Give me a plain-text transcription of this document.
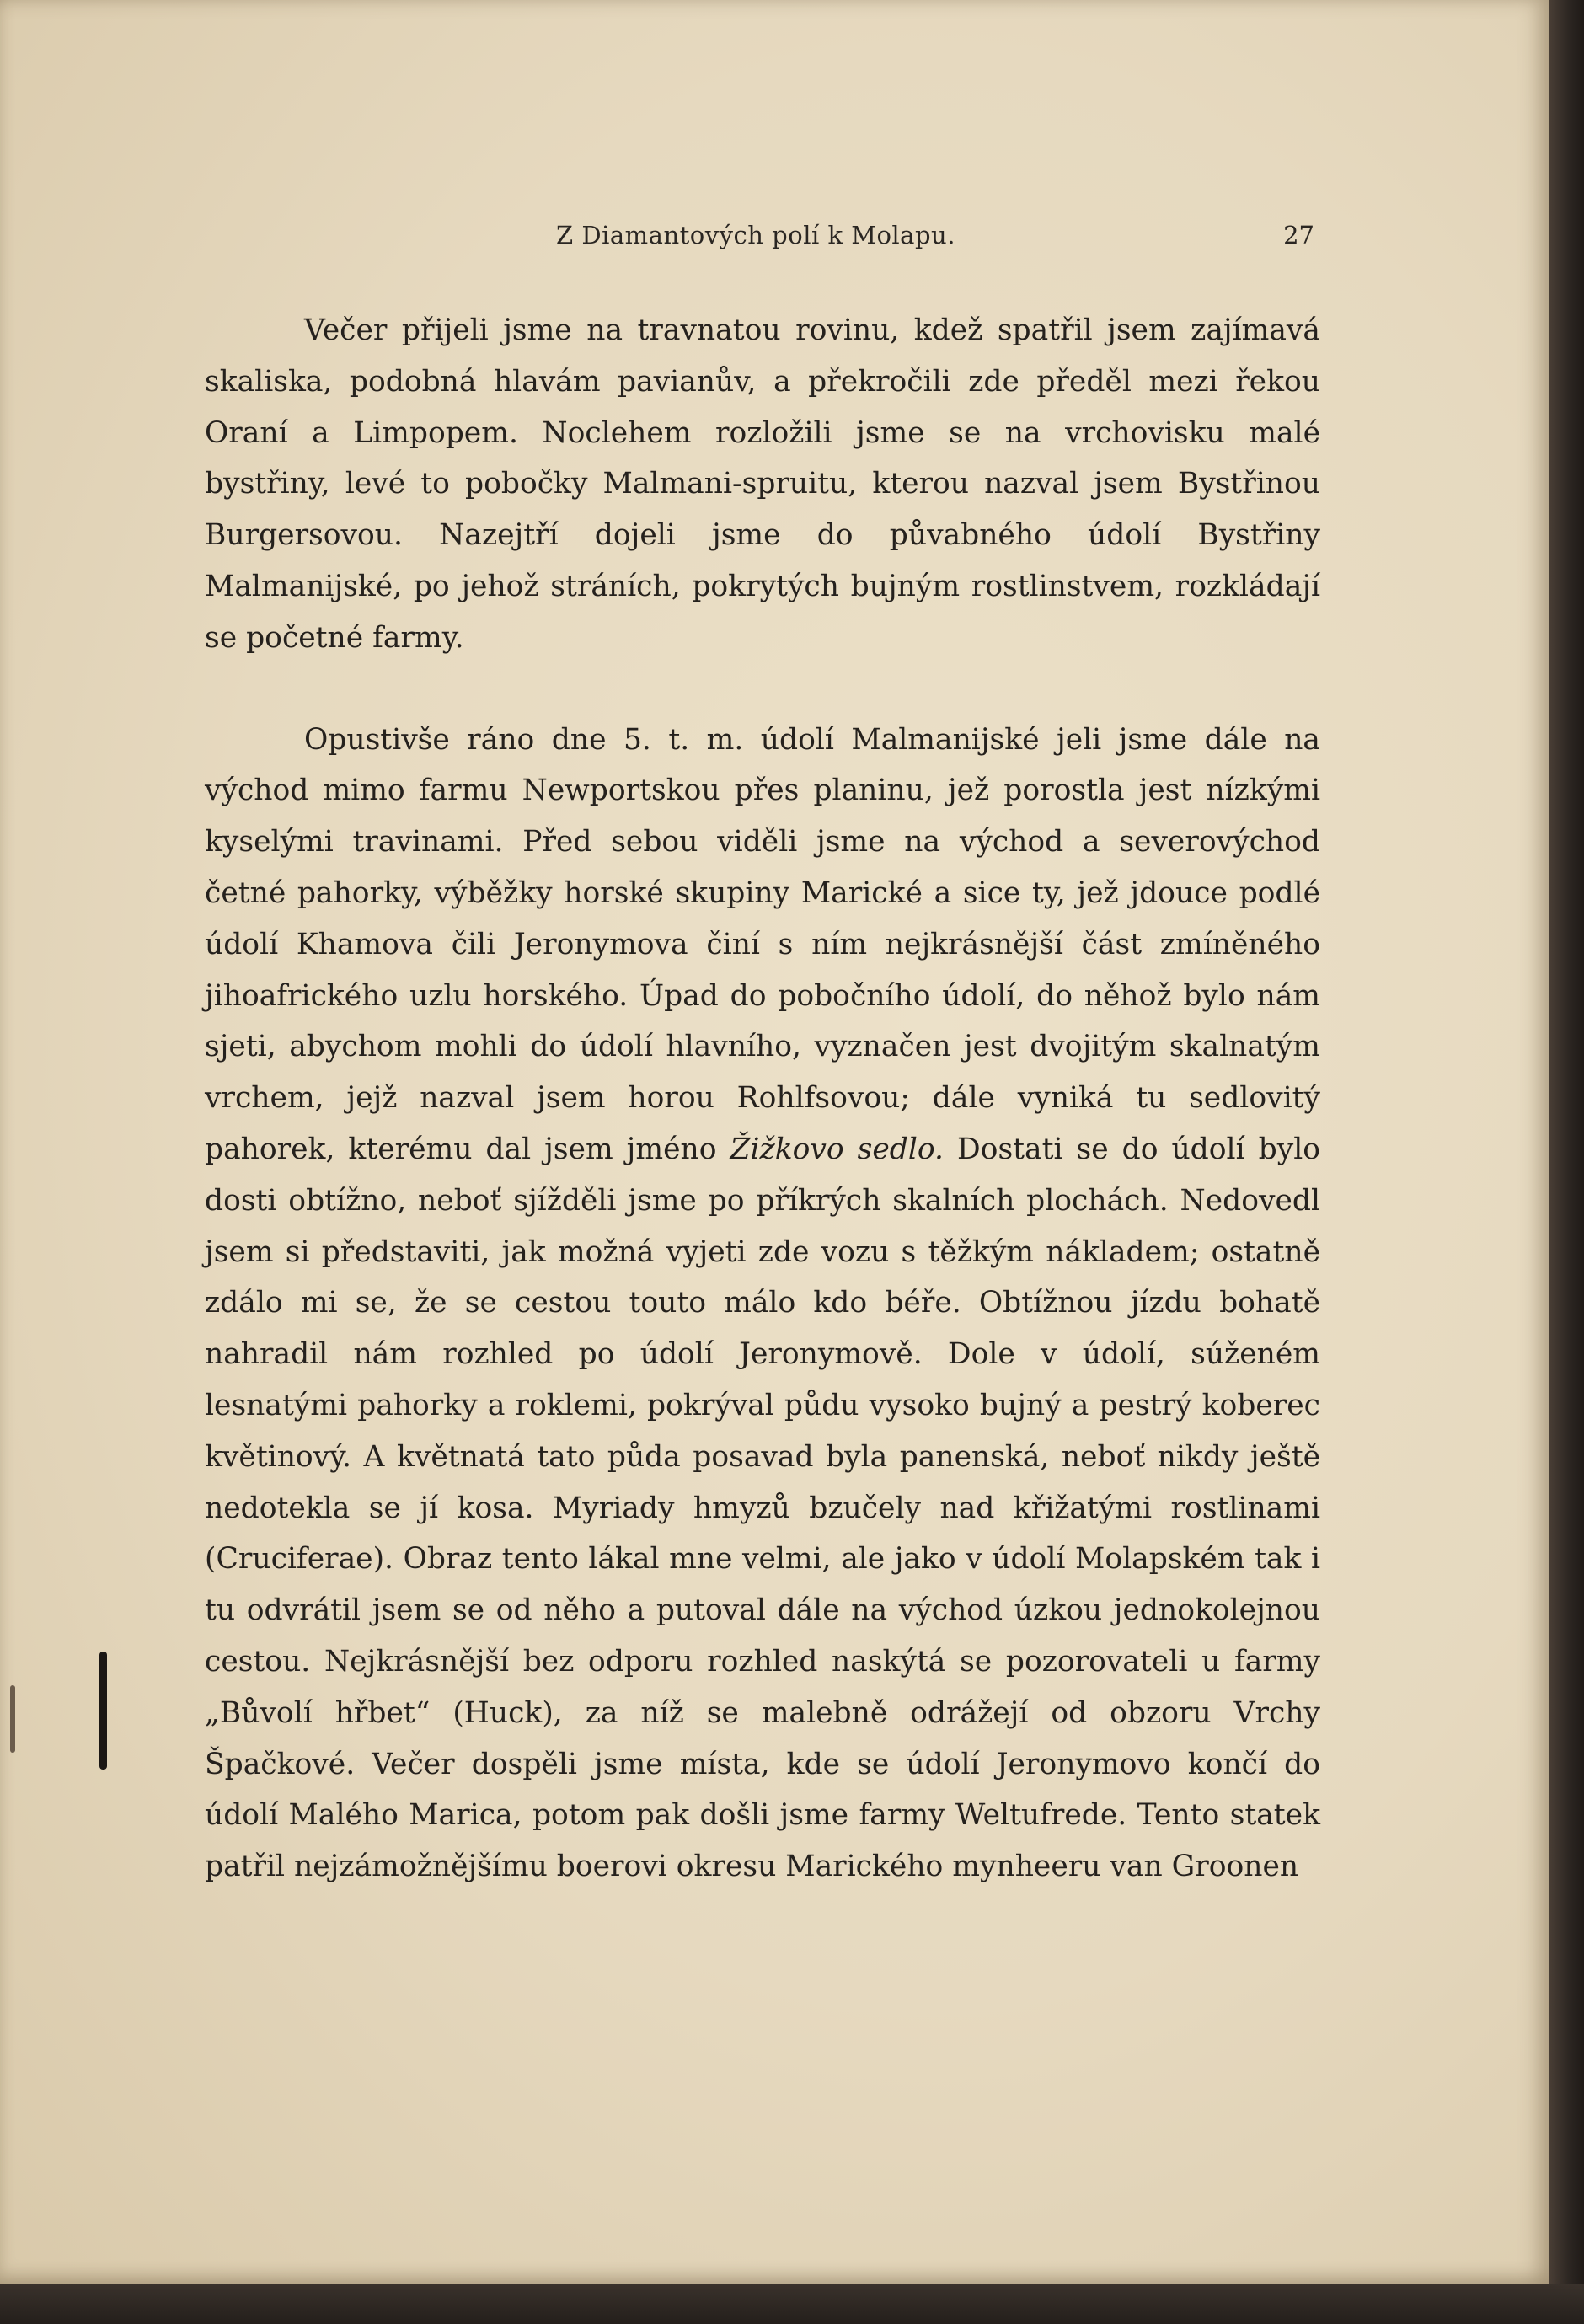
Z Diamantových polí k Molapu.	27

Večer přijeli jsme na travnatou rovinu, kdež spatřil jsem zajímavá skaliska, podobná hlavám pavianův, a překročili zde předěl mezi řekou Oraní a Limpopem. Noclehem rozložili jsme se na vrchovisku malé bystřiny, levé to pobočky Malmani-spruitu, kterou nazval jsem Bystřinou Burgersovou. Nazejtří dojeli jsme do půvabného údolí Bystřiny Malmanijské, po jehož stráních, pokrytých bujným rostlinstvem, rozkládají se početné farmy.

Opustivše ráno dne 5. t. m. údolí Malmanijské jeli jsme dále na východ mimo farmu Newportskou přes planinu, jež porostla jest nízkými kyselými travinami. Před sebou viděli jsme na východ a severovýchod četné pahorky, výběžky horské skupiny Marické a sice ty, jež jdouce podlé údolí Khamova čili Jeronymova činí s ním nejkrásnější část zmíněného jihoafrického uzlu horského. Úpad do pobočního údolí, do něhož bylo nám sjeti, abychom mohli do údolí hlavního, vyznačen jest dvojitým skalnatým vrchem, jejž nazval jsem horou Rohlfsovou; dále vyniká tu sedlovitý pahorek, kterému dal jsem jméno Žižkovo sedlo. Dostati se do údolí bylo dosti obtížno, neboť sjížděli jsme po příkrých skalních plochách. Nedovedl jsem si představiti, jak možná vyjeti zde vozu s těžkým nákladem; ostatně zdálo mi se, že se cestou touto málo kdo béře. Obtížnou jízdu bohatě nahradil nám rozhled po údolí Jeronymově. Dole v údolí, súženém lesnatými pahorky a roklemi, pokrýval půdu vysoko bujný a pestrý koberec květinový. A květnatá tato půda posavad byla panenská, neboť nikdy ještě nedotekla se jí kosa. Myriady hmyzů bzučely nad křižatými rostlinami (Cruciferae). Obraz tento lákal mne velmi, ale jako v údolí Molapském tak i tu odvrátil jsem se od něho a putoval dále na východ úzkou jednokolejnou cestou. Nejkrásnější bez odporu rozhled naskýtá se pozorovateli u farmy „Bůvolí hřbet“ (Huck), za níž se malebně odrážejí od obzoru Vrchy Špačkové. Večer dospěli jsme místa, kde se údolí Jeronymovo končí do údolí Malého Marica, potom pak došli jsme farmy Weltufrede. Tento statek patřil nejzámožnějšímu boerovi okresu Marického mynheeru van Groonen
